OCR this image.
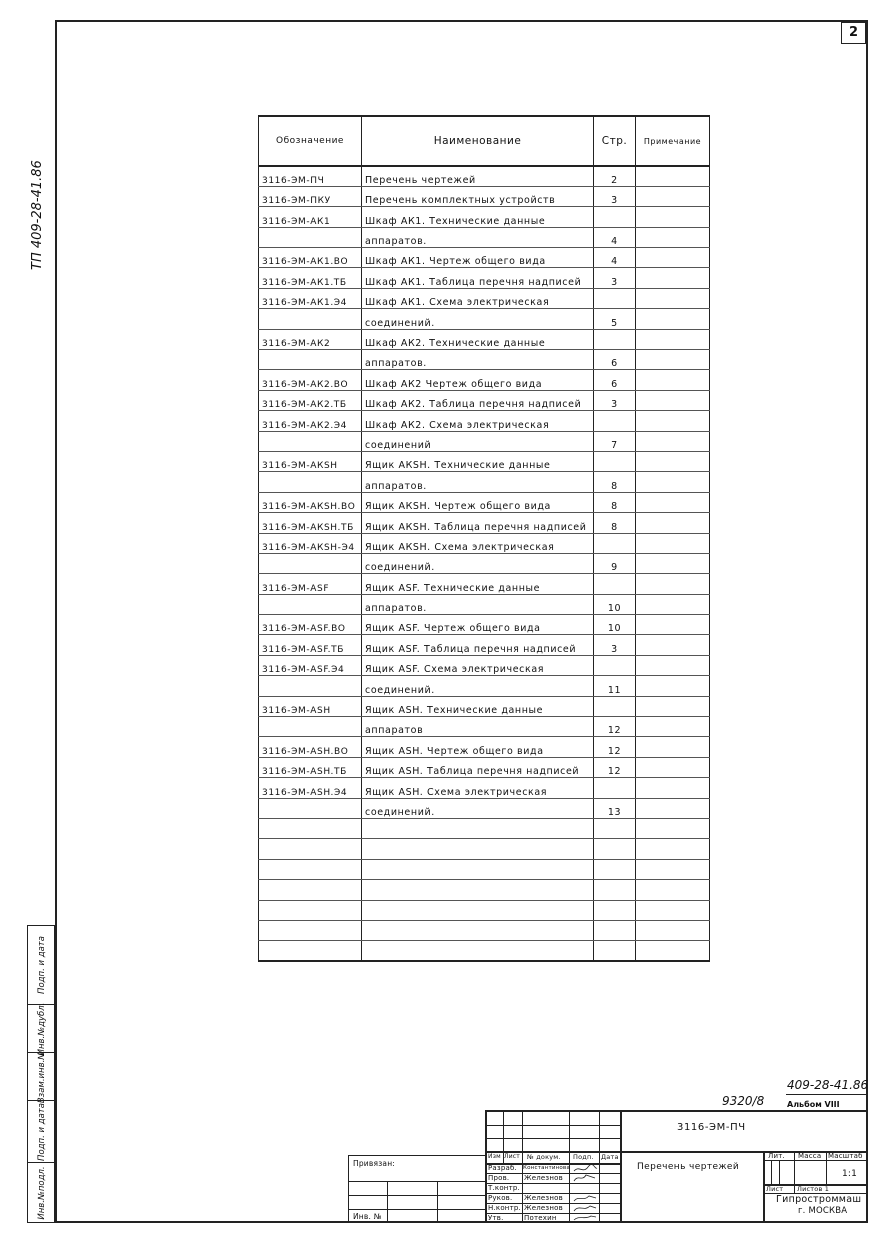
2
ТП 409-28-41.86
Подп. и дата
Инв.№дубл.
Взам.инв.№
Подп. и дата
Инв.№подл.
Обозначение	Наименование	Стр.	Примечание
3116-ЭМ-ПЧ	Перечень чертежей	2	
3116-ЭМ-ПКУ	Перечень комплектных устройств	3	
3116-ЭМ-АК1	Шкаф АК1. Технические данные		
	аппаратов.	4	
3116-ЭМ-АК1.ВО	Шкаф АК1. Чертеж общего вида	4	
3116-ЭМ-АК1.ТБ	Шкаф АК1. Таблица перечня надписей	3	
3116-ЭМ-АК1.Э4	Шкаф АК1. Схема электрическая		
	соединений.	5	
3116-ЭМ-АК2	Шкаф АК2. Технические данные		
	аппаратов.	6	
3116-ЭМ-АК2.ВО	Шкаф АК2 Чертеж общего вида	6	
3116-ЭМ-АК2.ТБ	Шкаф АК2. Таблица перечня надписей	3	
3116-ЭМ-АК2.Э4	Шкаф АК2. Схема электрическая		
	соединений	7	
3116-ЭМ-АКSH	Ящик АКSH. Технические данные		
	аппаратов.	8	
3116-ЭМ-АКSH.ВО	Ящик АКSH. Чертеж общего вида	8	
3116-ЭМ-АКSH.ТБ	Ящик АКSH. Таблица перечня надписей	8	
3116-ЭМ-АКSH-Э4	Ящик АКSH. Схема электрическая		
	соединений.	9	
3116-ЭМ-ASF	Ящик ASF. Технические данные		
	аппаратов.	10	
3116-ЭМ-ASF.ВО	Ящик ASF. Чертеж общего вида	10	
3116-ЭМ-ASF.ТБ	Ящик ASF. Таблица перечня надписей	3	
3116-ЭМ-ASF.Э4	Ящик ASF. Схема электрическая		
	соединений.	11	
3116-ЭМ-ASH	Ящик ASH. Технические данные		
	аппаратов	12	
3116-ЭМ-ASH.ВО	Ящик ASH. Чертеж общего вида	12	
3116-ЭМ-ASH.ТБ	Ящик ASH. Таблица перечня надписей	12	
3116-ЭМ-ASH.Э4	Ящик ASH. Схема электрическая		
	соединений.	13	

9320/8
409-28-41.86
Альбом VIII
Привязан:
Инв. №
3116-ЭМ-ПЧ
Изм Лист № докум. Подп. Дата
Разраб. Константинова
Пров. Железнов
Т.контр.
Руков. Железнов
Н.контр. Железнов
Утв.	Потехин
Перечень чертежей
Лит. Масса Масштаб
1:1
Лист Листов 1
Гипростроммаш
г. МОСКВА
